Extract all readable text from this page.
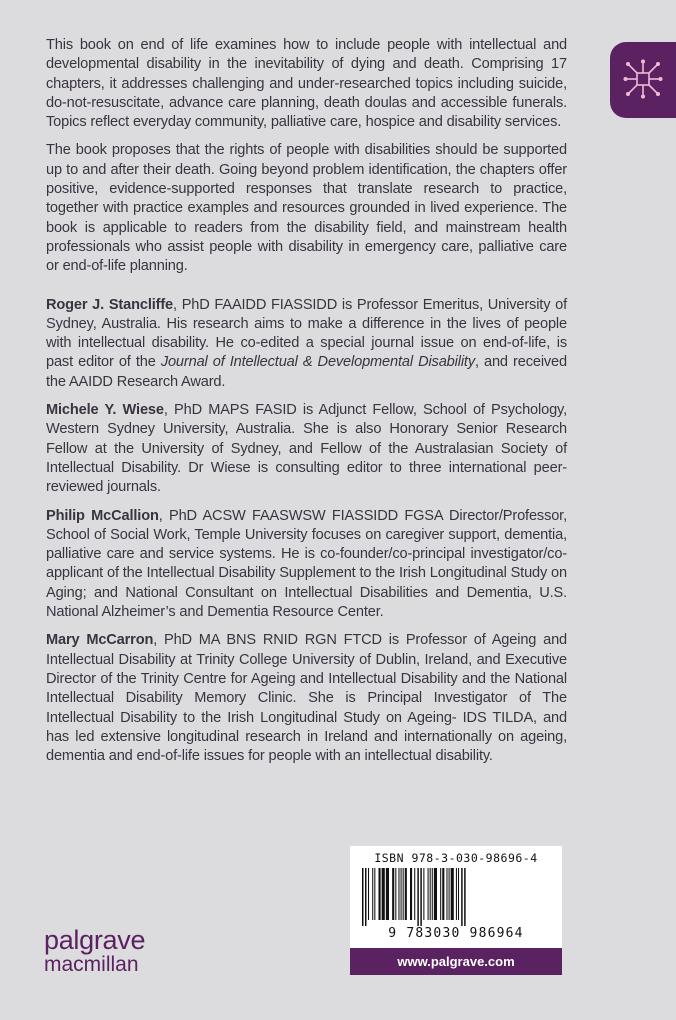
This book on end of life examines how to include people with intellectual and developmental disability in the inevitability of dying and death. Comprising 17 chapters, it addresses challenging and under-researched topics including suicide, do-not-resuscitate, advance care planning, death doulas and accessible funerals. Topics reflect everyday community, palliative care, hospice and disability services.

The book proposes that the rights of people with disabilities should be supported up to and after their death. Going beyond problem identification, the chapters offer positive, evidence-supported responses that translate research to practice, together with practice examples and resources grounded in lived experience. The book is applicable to readers from the disability field, and mainstream health professionals who assist people with disability in emergency care, palliative care or end-of-life planning.

Roger J. Stancliffe, PhD FAAIDD FIASSIDD is Professor Emeritus, University of Sydney, Australia. His research aims to make a difference in the lives of people with intellectual disability. He co-edited a special journal issue on end-of-life, is past editor of the Journal of Intellectual & Developmental Disability, and received the AAIDD Research Award.

Michele Y. Wiese, PhD MAPS FASID is Adjunct Fellow, School of Psychology, Western Sydney University, Australia. She is also Honorary Senior Research Fellow at the University of Sydney, and Fellow of the Australasian Society of Intellectual Disability. Dr Wiese is consulting editor to three international peer-reviewed journals.

Philip McCallion, PhD ACSW FAASWSW FIASSIDD FGSA Director/Professor, School of Social Work, Temple University focuses on caregiver support, dementia, palliative care and service systems. He is co-founder/co-principal investigator/co-applicant of the Intellectual Disability Supplement to the Irish Longitudinal Study on Aging; and National Consultant on Intellectual Disabilities and Dementia, U.S. National Alzheimer’s and Dementia Resource Center.

Mary McCarron, PhD MA BNS RNID RGN FTCD is Professor of Ageing and Intellectual Disability at Trinity College University of Dublin, Ireland, and Executive Director of the Trinity Centre for Ageing and Intellectual Disability and the National Intellectual Disability Memory Clinic. She is Principal Investigator of The Intellectual Disability to the Irish Longitudinal Study on Ageing- IDS TILDA, and has led extensive longitudinal research in Ireland and internationally on ageing, dementia and end-of-life issues for people with an intellectual disability.

palgrave
macmillan
ISBN 978-3-030-98696-4
9 783030 986964
www.palgrave.com
